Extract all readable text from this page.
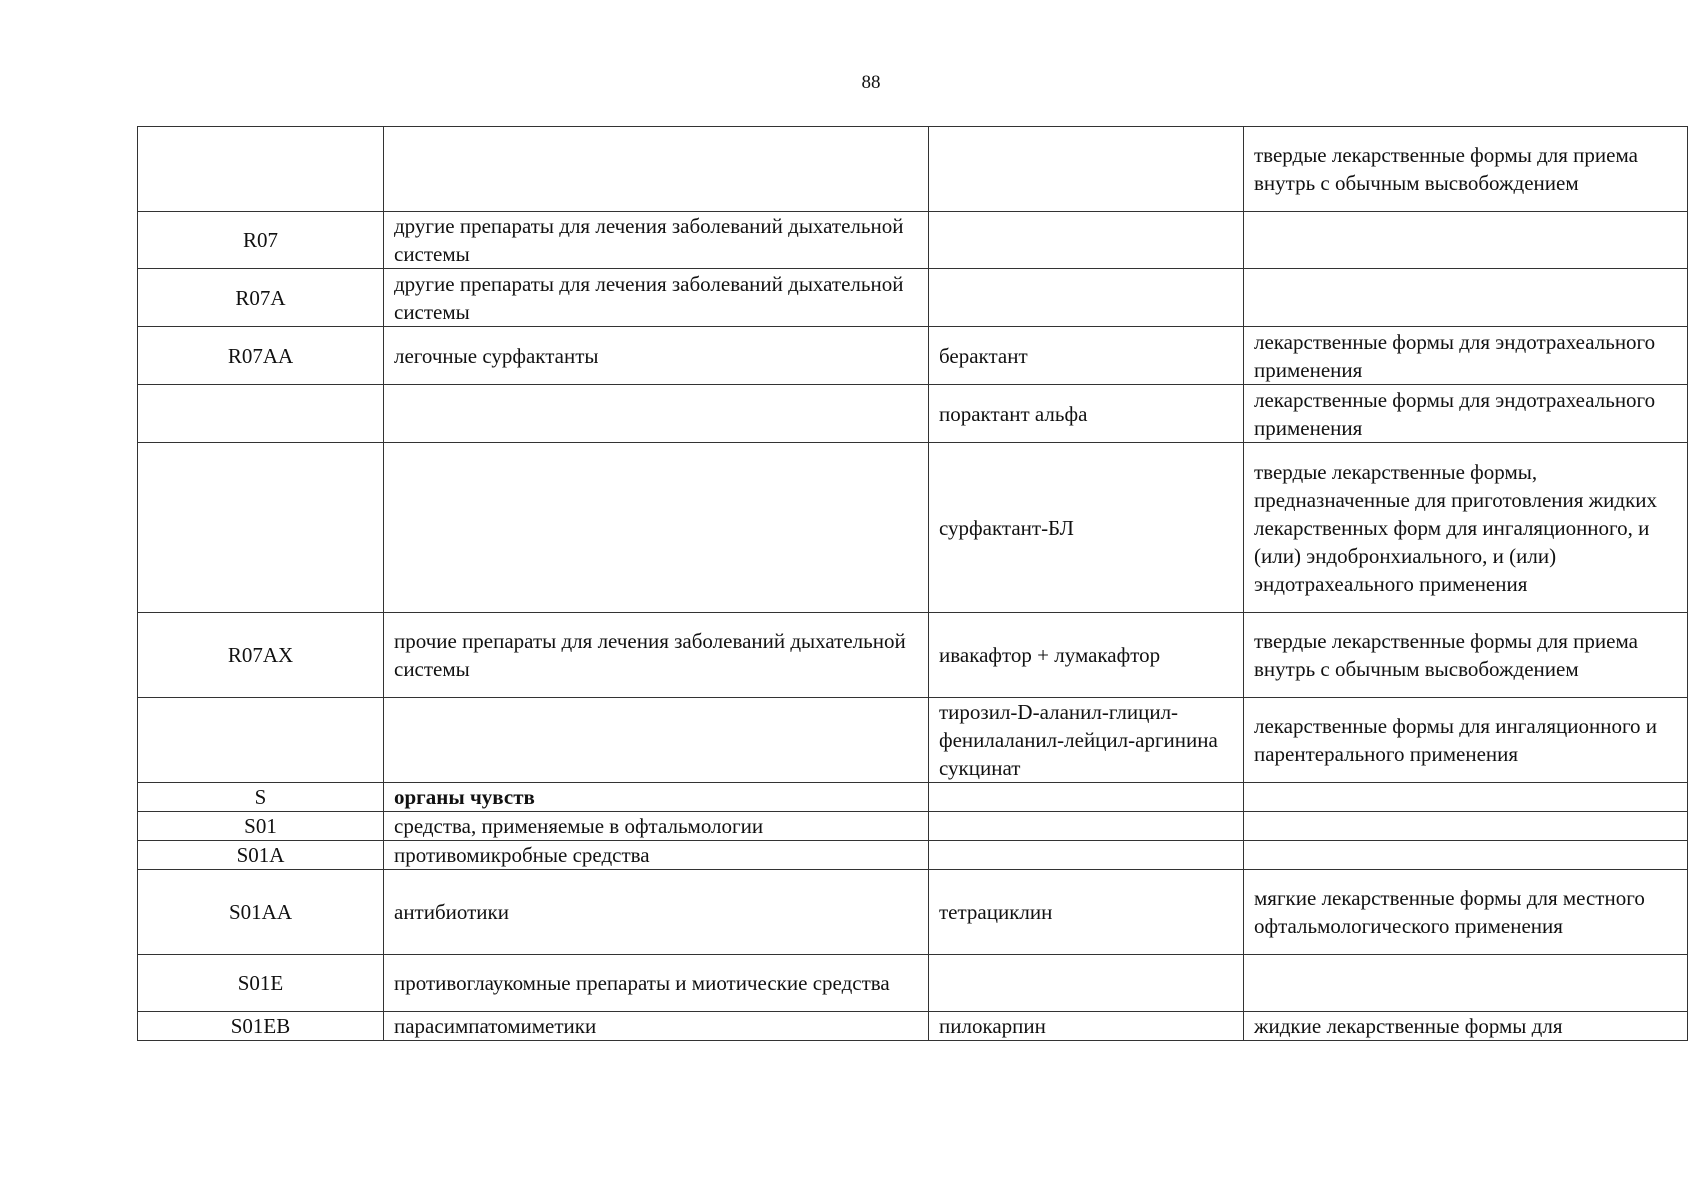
88
			твердые лекарственные формы для приема внутрь с обычным высвобождением
R07	другие препараты для лечения заболеваний дыхательной системы		
R07A	другие препараты для лечения заболеваний дыхательной системы		
R07AA	легочные сурфактанты	берактант	лекарственные формы для эндотрахеального применения
		порактант альфа	лекарственные формы для эндотрахеального применения
		сурфактант-БЛ	твердые лекарственные формы, предназначенные для приготовления жидких лекарственных форм для ингаляционного, и (или) эндобронхиального, и (или) эндотрахеального применения
R07AX	прочие препараты для лечения заболеваний дыхательной системы	ивакафтор + лумакафтор	твердые лекарственные формы для приема внутрь с обычным высвобождением
		тирозил-D-аланил-глицил-фенилаланил-лейцил-аргинина сукцинат	лекарственные формы для ингаляционного и парентерального применения
S	органы чувств		
S01	средства, применяемые в офтальмологии		
S01A	противомикробные средства		
S01AA	антибиотики	тетрациклин	мягкие лекарственные формы для местного офтальмологического применения
S01E	противоглаукомные препараты и миотические средства		
S01EB	парасимпатомиметики	пилокарпин	жидкие лекарственные формы для
